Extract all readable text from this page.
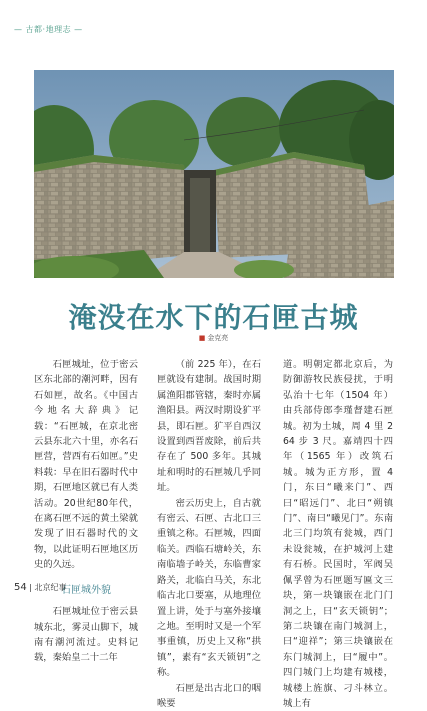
— 古都·地理志 —
淹没在水下的石匣古城
■ 金克亮

石匣城址，位于密云区东北部的潮河畔，因有石如匣，故名。《中国古今地名大辞典》记载：“石匣城，在京北密云县东北六十里，亦名石匣营，营西有石如匣。”史料载：早在旧石器时代中期，石匣地区就已有人类活动。20世纪80年代，在离石匣不远的黄土梁就发现了旧石器时代的文物，以此证明石匣地区历史的久远。

石匣城外貌

石匣城址位于密云县城东北，雾灵山脚下，城南有潮河流过。史料记载，秦始皇二十二年

（前 225 年），在石匣就设有建制。战国时期属渔阳郡管辖，秦时亦属渔阳县。两汉时期设犷平县，即石匣。犷平自西汉设置到西晋废除，前后共存在了 500 多年。其城址和明时的石匣城几乎同址。

密云历史上，自古就有密云、石匣、古北口三重镇之称。石匣城，四面临关。西临石塘岭关，东南临墙子岭关，东临曹家路关，北临白马关，东北临古北口要塞，从地理位置上讲，处于与塞外接壤之地。至明时又是一个军事重镇，历史上又称“拱镇”，素有“玄天锁钥”之称。

石匣是出古北口的咽喉要

道。明朝定都北京后，为防御游牧民族侵扰，于明弘治十七年（1504 年）由兵部侍郎李瑾督建石匣城。初为土城，周 4 里 264 步 3 尺。嘉靖四十四年（1565 年）改筑石城。城为正方形，置 4 门，东曰“曦来门”、西曰“昭远门”、北曰“朔镇门”、南曰“曦见门”。东南北三门均筑有瓮城，西门未设瓮城，在护城河上建有石桥。民国时，军阀吴佩孚曾为石匣题写匾文三块，第一块镶嵌在北门门洞之上，曰“玄天锁钥”；第二块镶在南门城洞上，曰“迎祥”；第三块镶嵌在东门城洞上，曰“履中”。四门城门上均建有城楼，城楼上旌旗、刁斗林立。城上有

54 | 北京纪事
